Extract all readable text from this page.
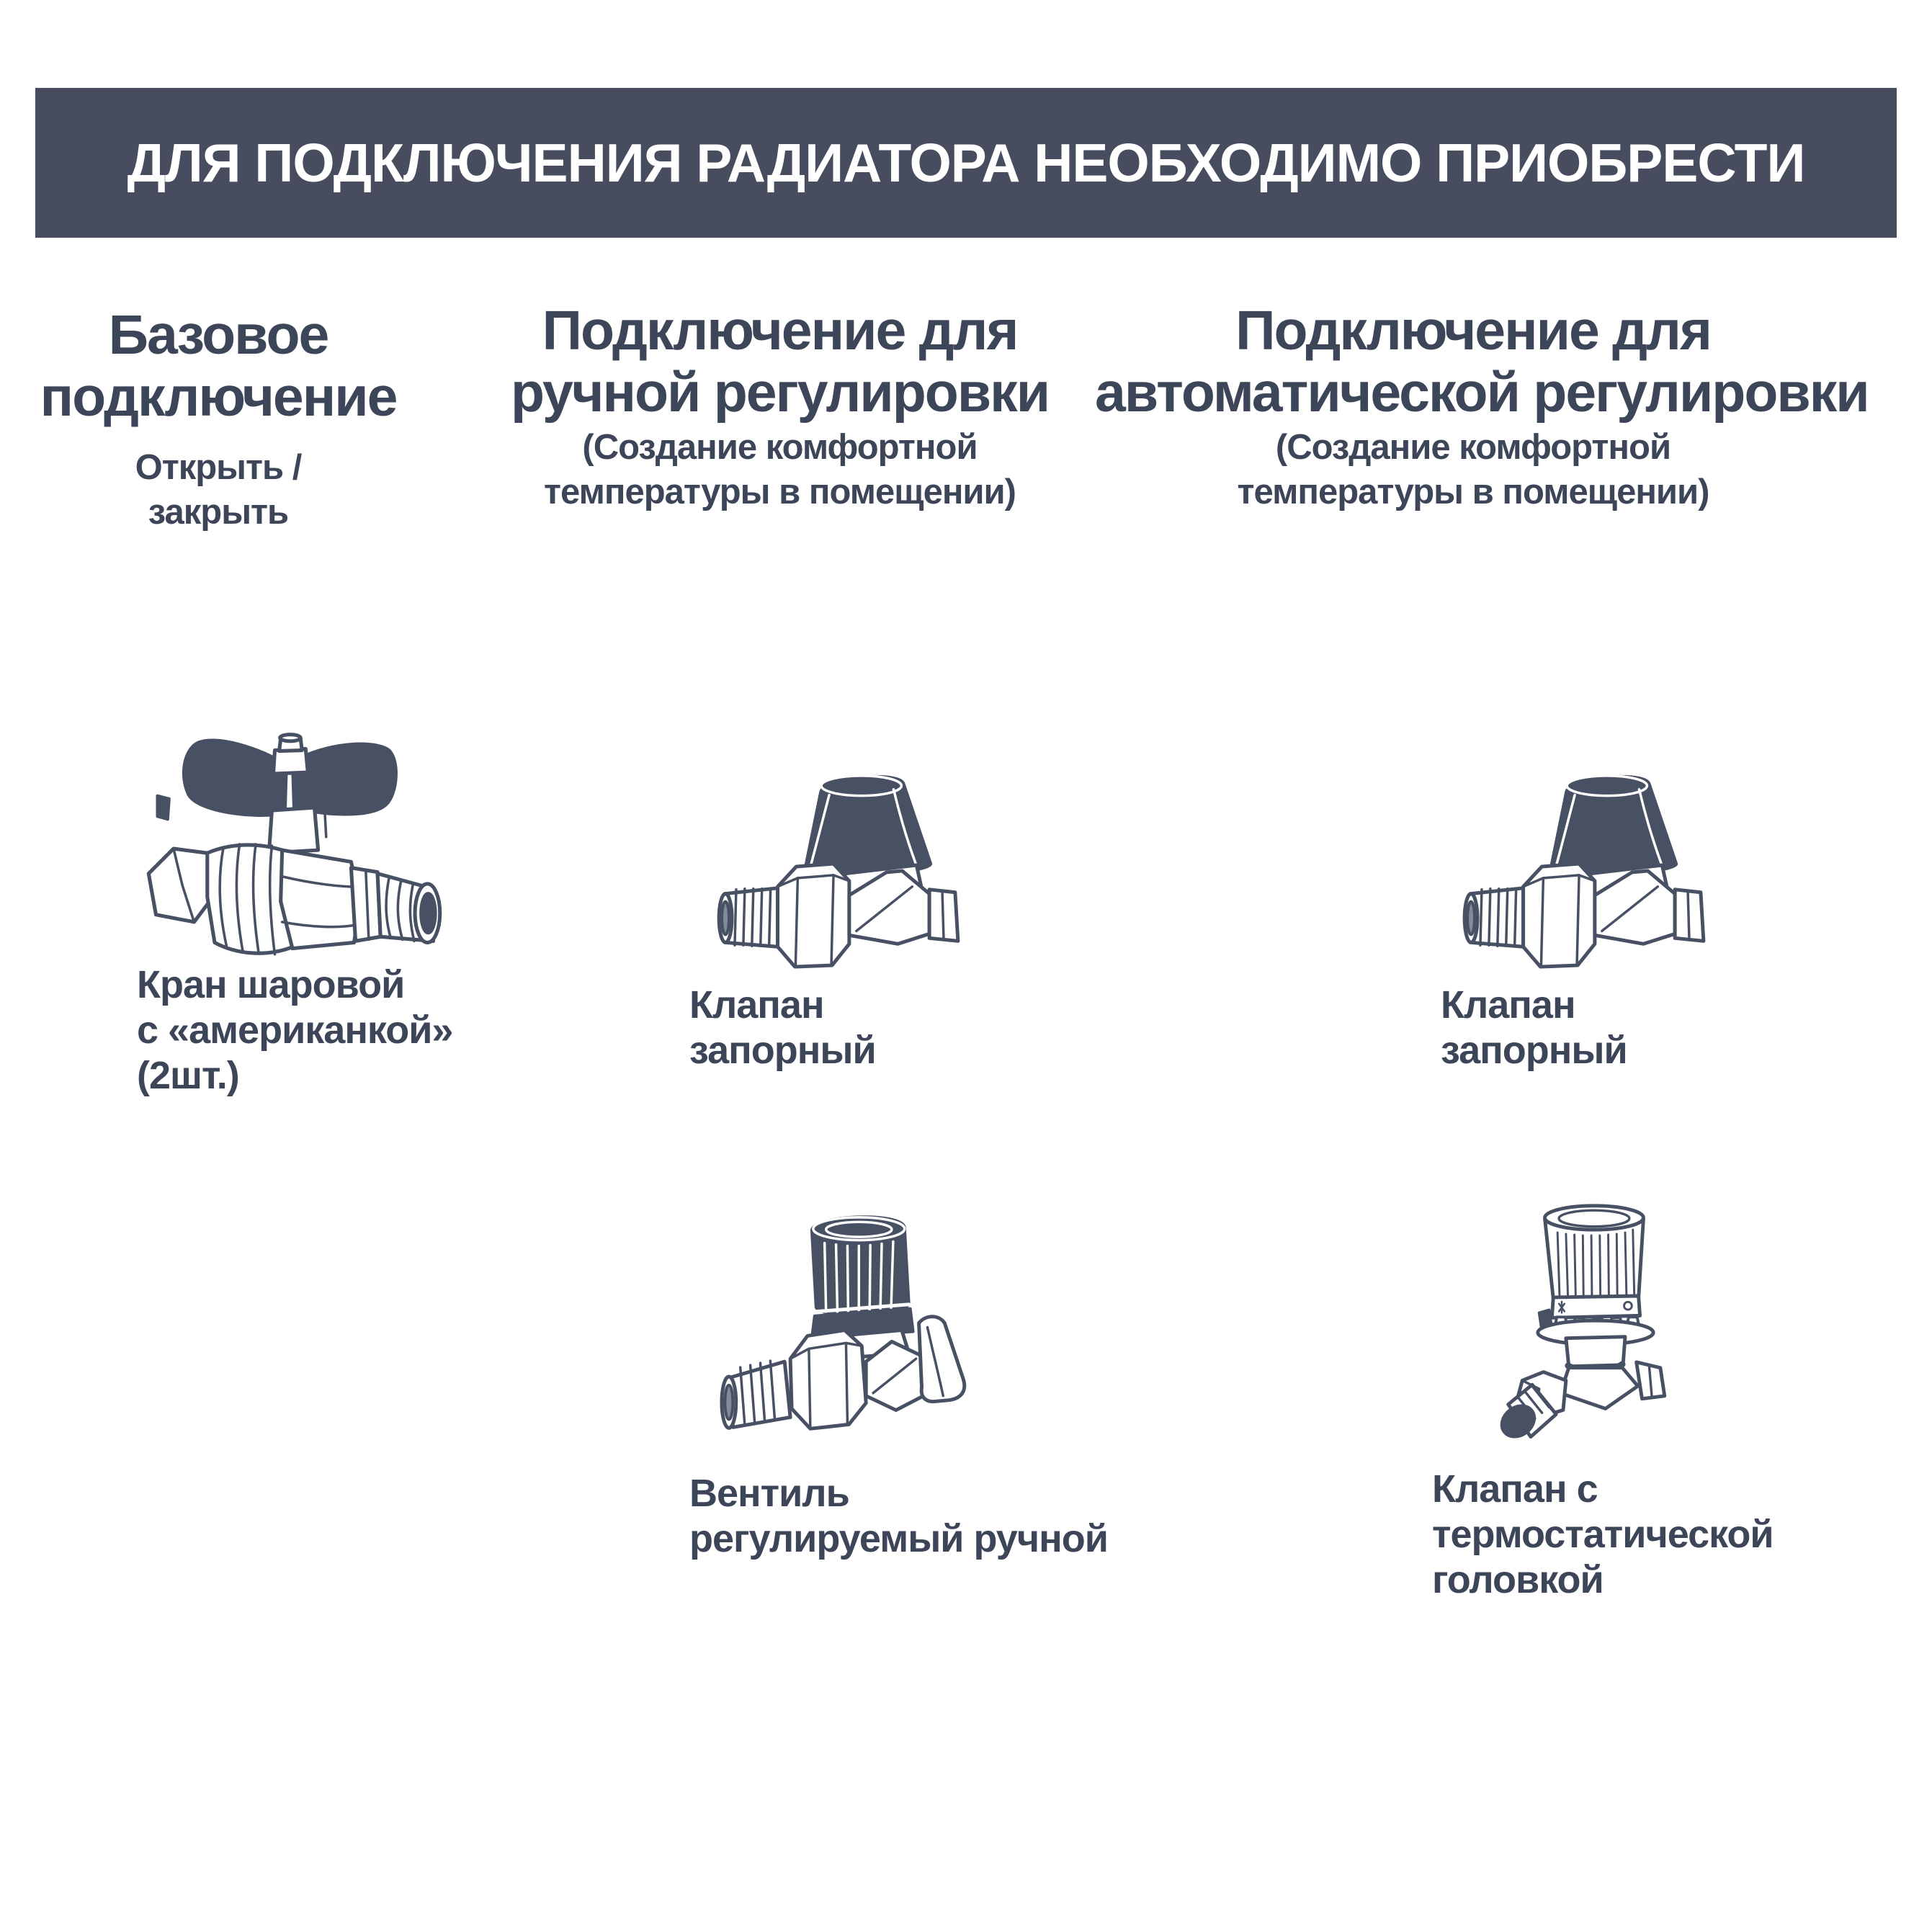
ДЛЯ ПОДКЛЮЧЕНИЯ РАДИАТОРА НЕОБХОДИМО ПРИОБРЕСТИ
Базовое
подключение
Открыть /
закрыть
Подключение для
ручной регулировки
(Создание комфортной
температуры в помещении)
Подключение для
автоматической регулировки
(Создание комфортной
температуры в помещении)
Кран шаровой
с «американкой»
(2шт.)
Клапан
запорный
Клапан
запорный
Вентиль
регулируемый ручной
Клапан с
термостатической
головкой
